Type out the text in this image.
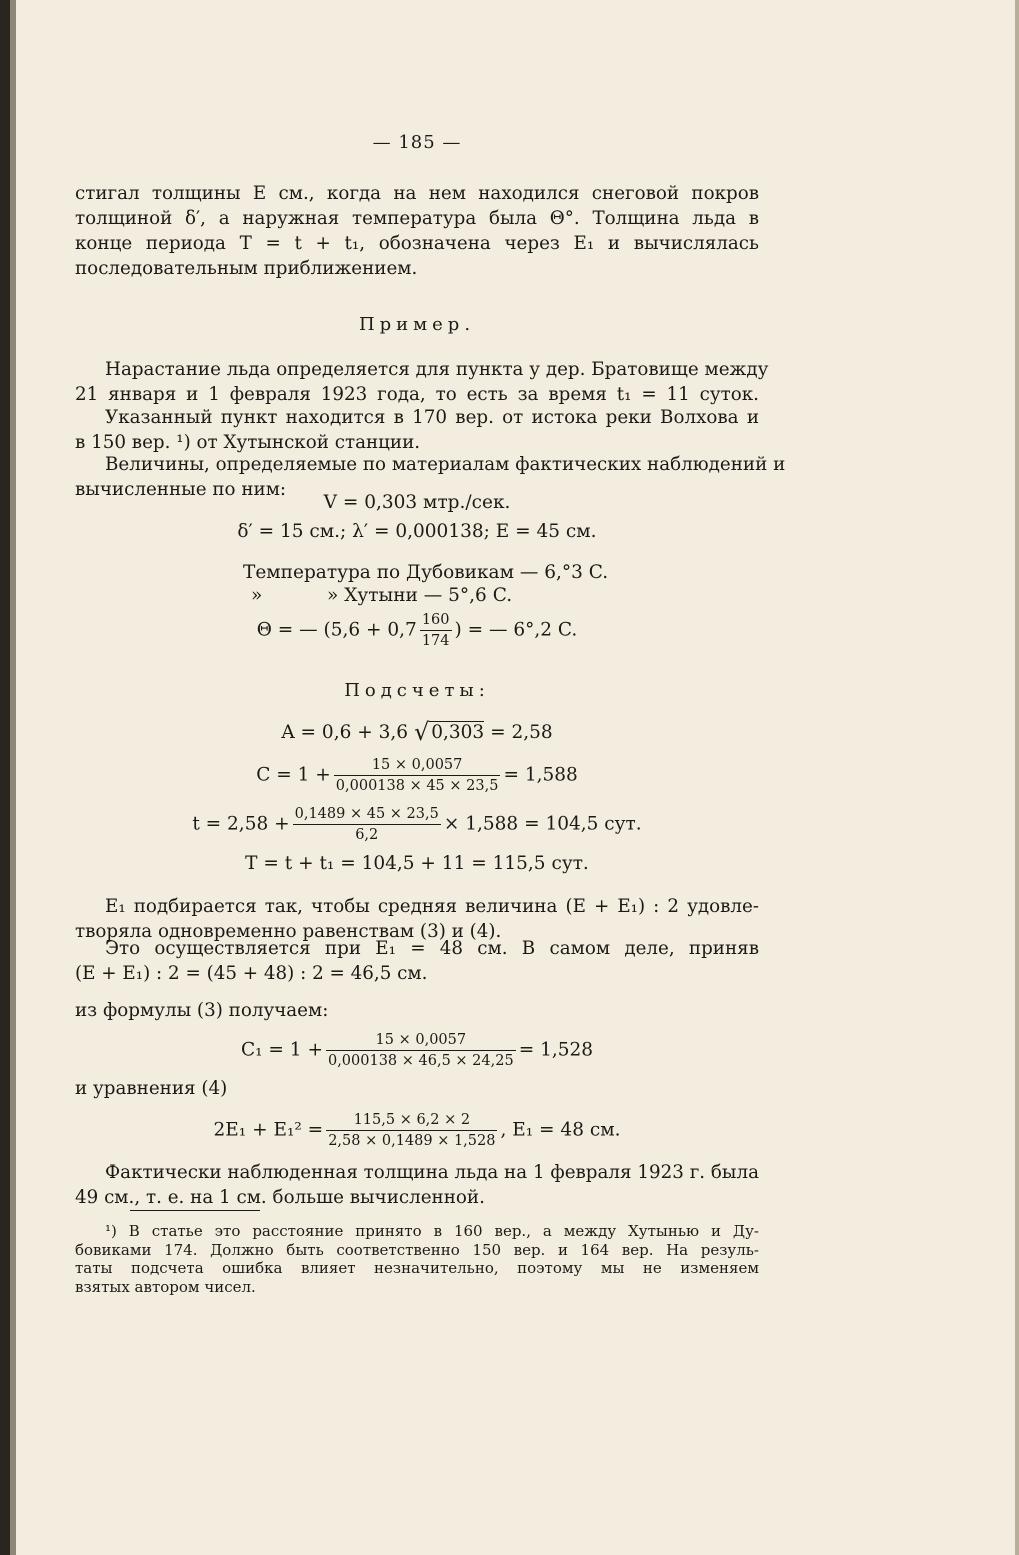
— 185 —
стигал толщины E см., когда на нем находился снеговой покров
толщиной δ′, а наружная температура была Θ°. Толщина льда в
конце периода T = t + t₁, обозначена через E₁ и вычислялась
последовательным приближением.
Пример.
Нарастание льда определяется для пункта у дер. Братовище между
21 января и 1 февраля 1923 года, то есть за время t₁ = 11 суток.
Указанный пункт находится в 170 вер. от истока реки Волхова и
в 150 вер. ¹) от Хутынской станции.
Величины, определяемые по материалам фактических наблюдений и
вычисленные по ним:
V = 0,303 мтр./сек.
δ′ = 15 см.; λ′ = 0,000138; E = 45 см.
Температура по Дубовикам — 6,°3 C.
»           » Хутыни — 5°,6 C.
Θ = — ($5,6 + 0,7 \frac{160}{174}$ ) = — 6°,2 C.
Подсчеты:
A = 0,6 + 3,6 √ 0,303 = 2,58
$C = 1 + \frac{15 \times 0,0057}{0,000138 \times 45 \times 23,5} = 1,588$
$t = 2,58 + \frac{0,1489 \times 45 \times 23,5}{6,2} \times 1,588 = 104,5$ сут.
T = t + t₁ = 104,5 + 11 = 115,5 сут.
E₁ подбирается так, чтобы средняя величина (E + E₁) : 2 удовле-
творяла одновременно равенствам (3) и (4).
Это осуществляется при E₁ = 48 см. В самом деле, приняв
(E + E₁) : 2 = (45 + 48) : 2 = 46,5 см.
из формулы (3) получаем:
$C_1 = 1 + \frac{15 \times 0,0057}{0,000138 \times 46,5 \times 24,25} = 1,528$
и уравнения (4)
$2E_1 + E_1^2 = \frac{115,5 \times 6,2 \times 2}{2,58 \times 0,1489 \times 1,528}$ , E₁ = 48 см.
Фактически наблюденная толщина льда на 1 февраля 1923 г. была
49 см., т. е. на 1 см. больше вычисленной.
¹) В статье это расстояние принято в 160 вер., а между Хутынью и Ду-
бовиками 174. Должно быть соответственно 150 вер. и 164 вер. На резуль-
таты подсчета ошибка влияет незначительно, поэтому мы не изменяем
взятых автором чисел.
